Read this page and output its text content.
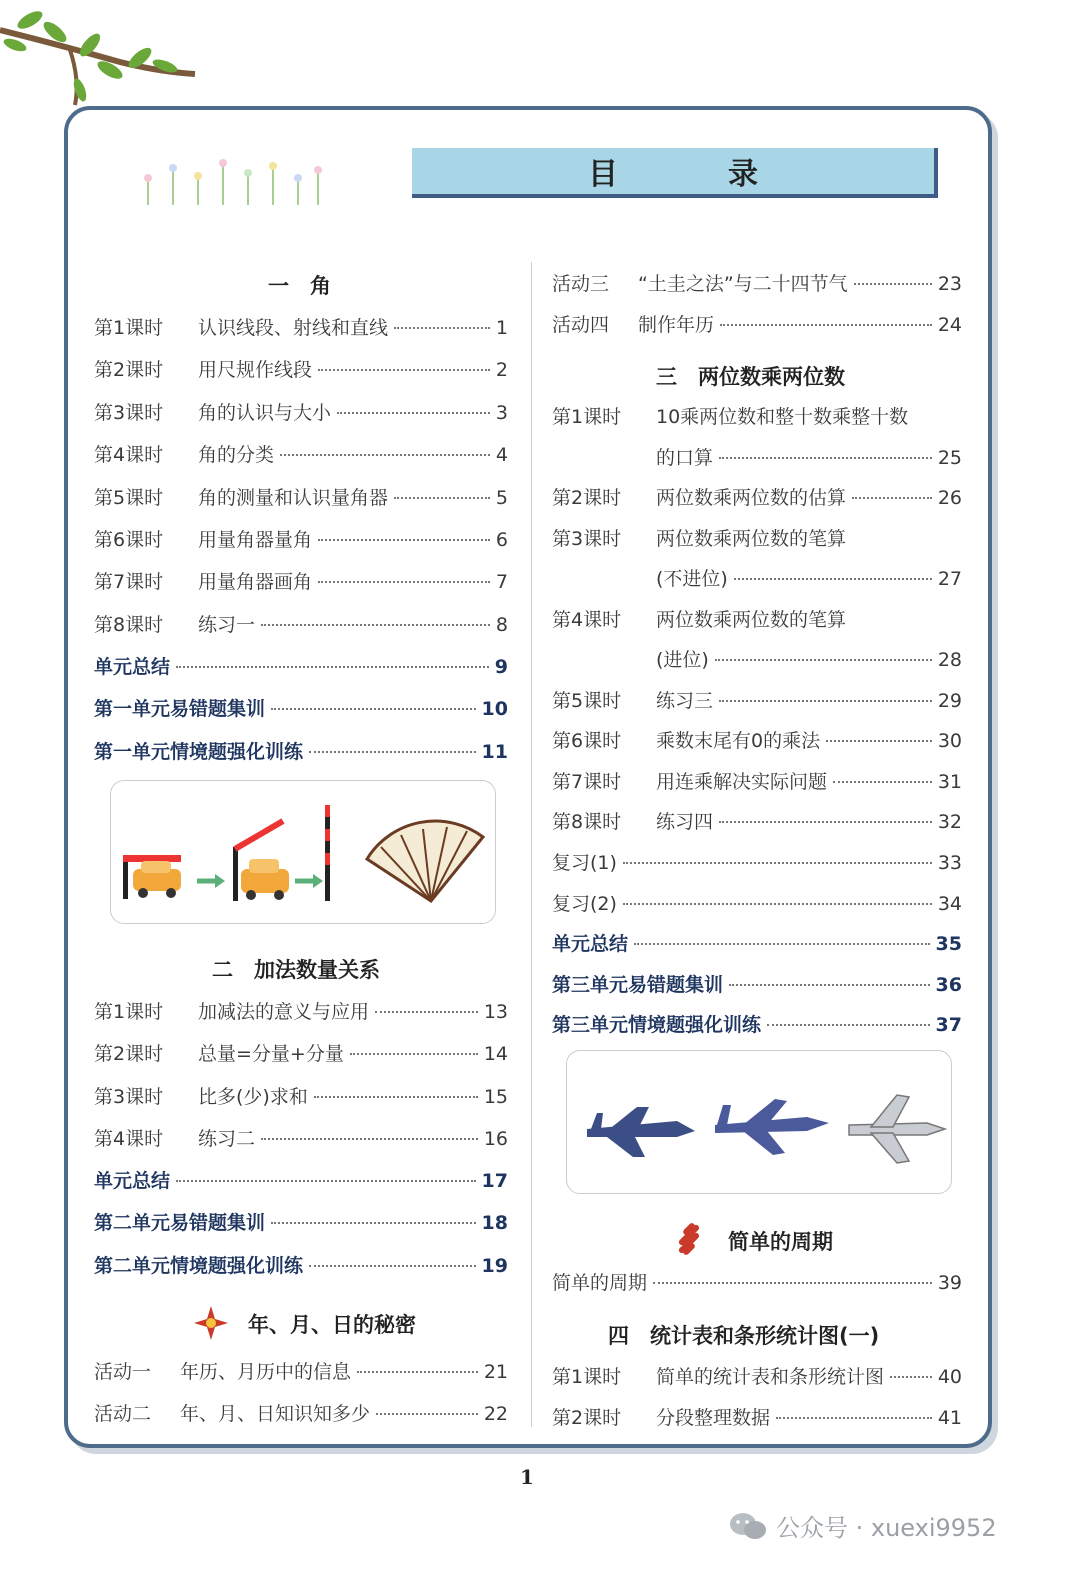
目　录
一　角
第1课时	认识线段、射线和直线	1
第2课时	用尺规作线段	2
第3课时	角的认识与大小	3
第4课时	角的分类	4
第5课时	角的测量和认识量角器	5
第6课时	用量角器量角	6
第7课时	用量角器画角	7
第8课时	练习一	8
单元总结	9
第一单元易错题集训	10
第一单元情境题强化训练	11
第1课时	加减法的意义与应用	13
第2课时	总量=分量+分量	14
第3课时	比多(少)求和	15
第4课时	练习二	16
单元总结	17
第二单元易错题集训	18
第二单元情境题强化训练	19
活动一	年历、月历中的信息	21
活动二	年、月、日知识知多少	22
二　加法数量关系
年、月、日的秘密
三　两位数乘两位数
简单的周期
四　统计表和条形统计图(一)
活动三	“土圭之法”与二十四节气	23
活动四	制作年历	24
第1课时	10乘两位数和整十数乘整十数
的口算	25
第2课时	两位数乘两位数的估算	26
第3课时	两位数乘两位数的笔算
(不进位)	27
第4课时	两位数乘两位数的笔算
(进位)	28
第5课时	练习三	29
第6课时	乘数末尾有0的乘法	30
第7课时	用连乘解决实际问题	31
第8课时	练习四	32
复习(1)	33
复习(2)	34
单元总结	35
第三单元易错题集训	36
第三单元情境题强化训练	37
简单的周期	39
第1课时	简单的统计表和条形统计图	40
第2课时	分段整理数据	41
1
公众号 · xuexi9952
